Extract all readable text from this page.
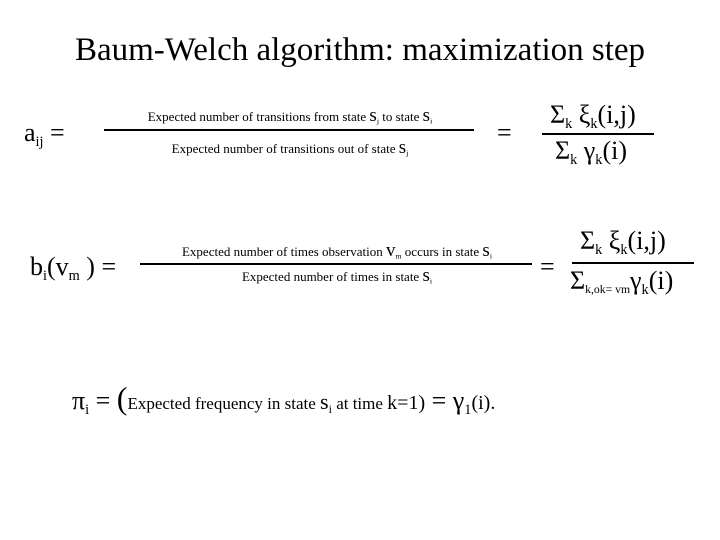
Baum-Welch algorithm: maximization step
$a_{ij}$ =
Expected number of transitions from state sj to state si
Expected number of transitions out of state sj
=
$\Sigma_k$ $\xi_k(i,j)$
$\Sigma_k$ $\gamma_k(i)$
$b_i(v_m$ ) =
Expected number of times observation vm occurs in state si
Expected number of times in state si	=
$\Sigma_k$ $\xi_k(i,j)$
$\Sigma_{k,ok= vm}\gamma_k(i)$
$\pi_i$ = (Expected frequency in state $s_i$ at time $k=1) = \gamma_1(i)$.
